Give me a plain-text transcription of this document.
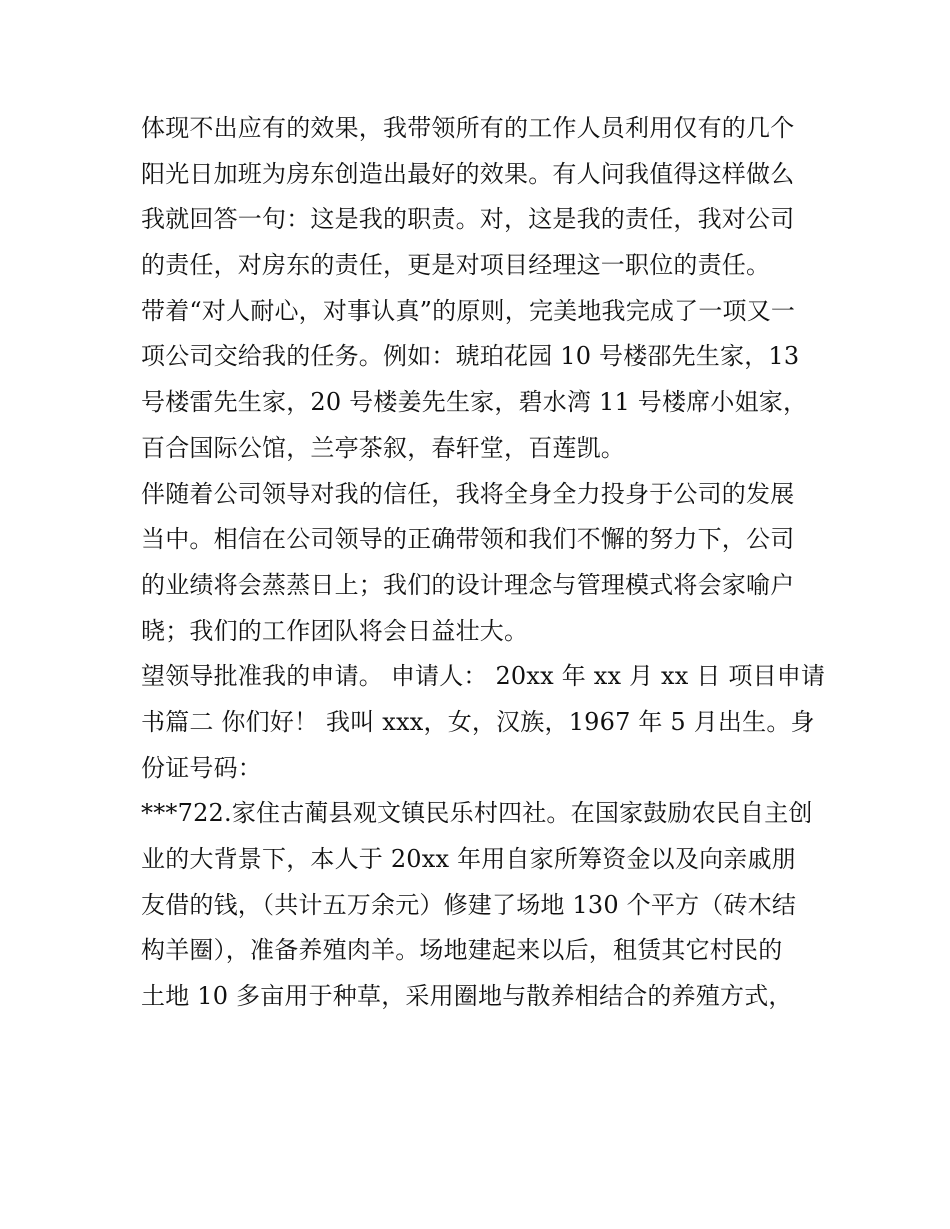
体现不出应有的效果，我带领所有的工作人员利用仅有的几个
阳光日加班为房东创造出最好的效果。有人问我值得这样做么
我就回答一句：这是我的职责。对，这是我的责任，我对公司
的责任，对房东的责任，更是对项目经理这一职位的责任。
带着“对人耐心，对事认真”的原则，完美地我完成了一项又一
项公司交给我的任务。例如：琥珀花园 10 号楼邵先生家，13
号楼雷先生家，20 号楼姜先生家，碧水湾 11 号楼席小姐家，
百合国际公馆，兰亭茶叙，春轩堂，百莲凯。
伴随着公司领导对我的信任，我将全身全力投身于公司的发展
当中。相信在公司领导的正确带领和我们不懈的努力下，公司
的业绩将会蒸蒸日上；我们的设计理念与管理模式将会家喻户
晓；我们的工作团队将会日益壮大。
望领导批准我的申请。 申请人： 20xx 年 xx 月 xx 日 项目申请
书篇二 你们好！ 我叫 xxx，女，汉族，1967 年 5 月出生。身
份证号码：
***722.家住古蔺县观文镇民乐村四社。在国家鼓励农民自主创
业的大背景下，本人于 20xx 年用自家所筹资金以及向亲戚朋
友借的钱，（共计五万余元）修建了场地 130 个平方（砖木结
构羊圈），准备养殖肉羊。场地建起来以后，租赁其它村民的
土地 10 多亩用于种草，采用圈地与散养相结合的养殖方式，
